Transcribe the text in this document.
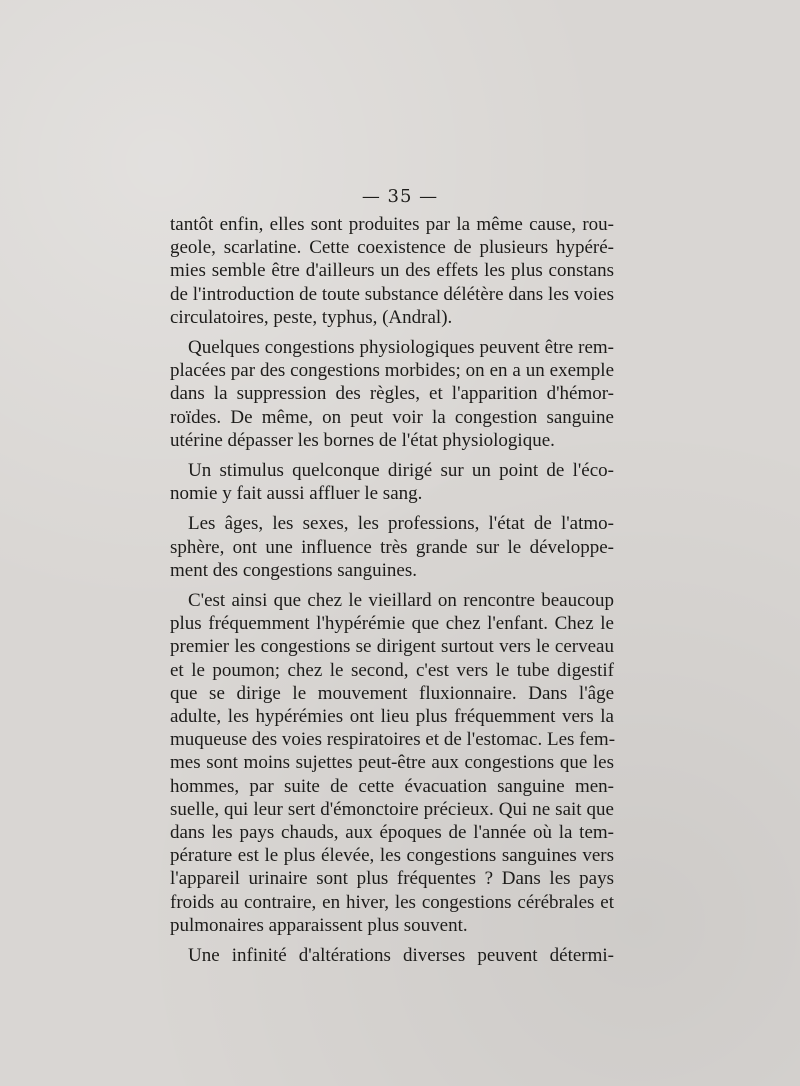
— 35 —

tantôt enfin, elles sont produites par la même cause, rou-
geole, scarlatine. Cette coexistence de plusieurs hypéré-
mies semble être d'ailleurs un des effets les plus constans
de l'introduction de toute substance délétère dans les voies
circulatoires, peste, typhus, (Andral).

Quelques congestions physiologiques peuvent être rem-
placées par des congestions morbides; on en a un exemple
dans la suppression des règles, et l'apparition d'hémor-
roïdes. De même, on peut voir la congestion sanguine
utérine dépasser les bornes de l'état physiologique.

Un stimulus quelconque dirigé sur un point de l'éco-
nomie y fait aussi affluer le sang.

Les âges, les sexes, les professions, l'état de l'atmo-
sphère, ont une influence très grande sur le développe-
ment des congestions sanguines.

C'est ainsi que chez le vieillard on rencontre beaucoup
plus fréquemment l'hypérémie que chez l'enfant. Chez le
premier les congestions se dirigent surtout vers le cerveau
et le poumon; chez le second, c'est vers le tube digestif
que se dirige le mouvement fluxionnaire. Dans l'âge
adulte, les hypérémies ont lieu plus fréquemment vers la
muqueuse des voies respiratoires et de l'estomac. Les fem-
mes sont moins sujettes peut-être aux congestions que les
hommes, par suite de cette évacuation sanguine men-
suelle, qui leur sert d'émonctoire précieux. Qui ne sait que
dans les pays chauds, aux époques de l'année où la tem-
pérature est le plus élevée, les congestions sanguines vers
l'appareil urinaire sont plus fréquentes ? Dans les pays
froids au contraire, en hiver, les congestions cérébrales et
pulmonaires apparaissent plus souvent.

Une infinité d'altérations diverses peuvent détermi-
